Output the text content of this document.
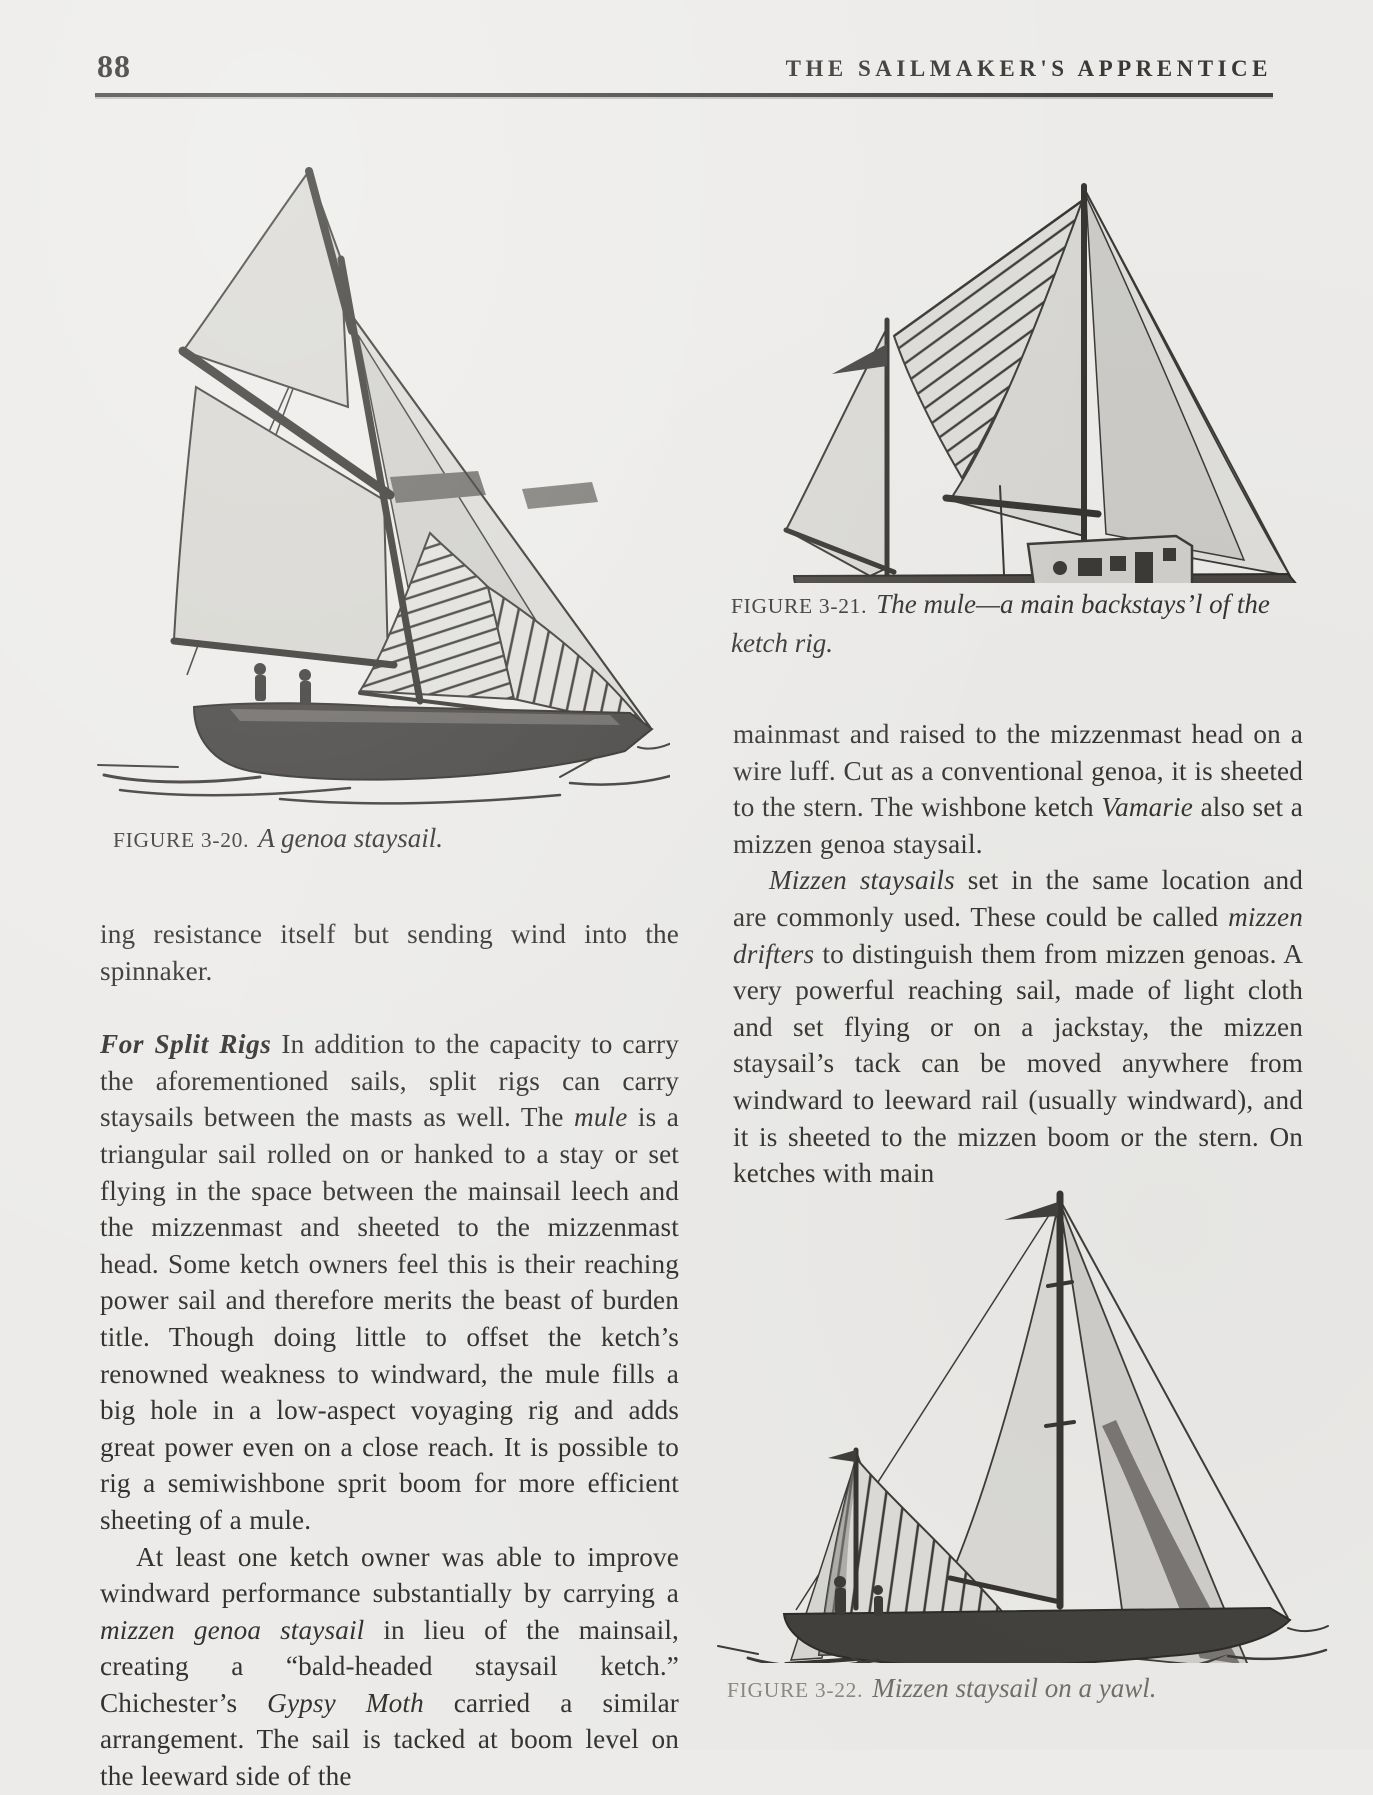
88	THE SAILMAKER'S APPRENTICE
FIGURE 3-20. A genoa staysail.
FIGURE 3-21. The mule—a main backstays’l of the ketch rig.

ing resistance itself but sending wind into the spinnaker.

For Split Rigs In addition to the capacity to carry the aforementioned sails, split rigs can carry staysails between the masts as well. The mule is a triangular sail rolled on or hanked to a stay or set flying in the space between the mainsail leech and the mizzenmast and sheeted to the mizzenmast head. Some ketch owners feel this is their reaching power sail and therefore merits the beast of burden title. Though doing little to offset the ketch’s renowned weakness to windward, the mule fills a big hole in a low-aspect voyaging rig and adds great power even on a close reach. It is possible to rig a semiwishbone sprit boom for more efficient sheeting of a mule.

At least one ketch owner was able to improve windward performance substantially by carrying a mizzen genoa staysail in lieu of the mainsail, creating a “bald-headed staysail ketch.” Chichester’s Gypsy Moth carried a similar arrangement. The sail is tacked at boom level on the leeward side of the

mainmast and raised to the mizzenmast head on a wire luff. Cut as a conventional genoa, it is sheeted to the stern. The wishbone ketch Vamarie also set a mizzen genoa staysail.

Mizzen staysails set in the same location and are commonly used. These could be called mizzen drifters to distinguish them from mizzen genoas. A very powerful reaching sail, made of light cloth and set flying or on a jackstay, the mizzen staysail’s tack can be moved anywhere from windward to leeward rail (usually windward), and it is sheeted to the mizzen boom or the stern. On ketches with main

FIGURE 3-22. Mizzen staysail on a yawl.
